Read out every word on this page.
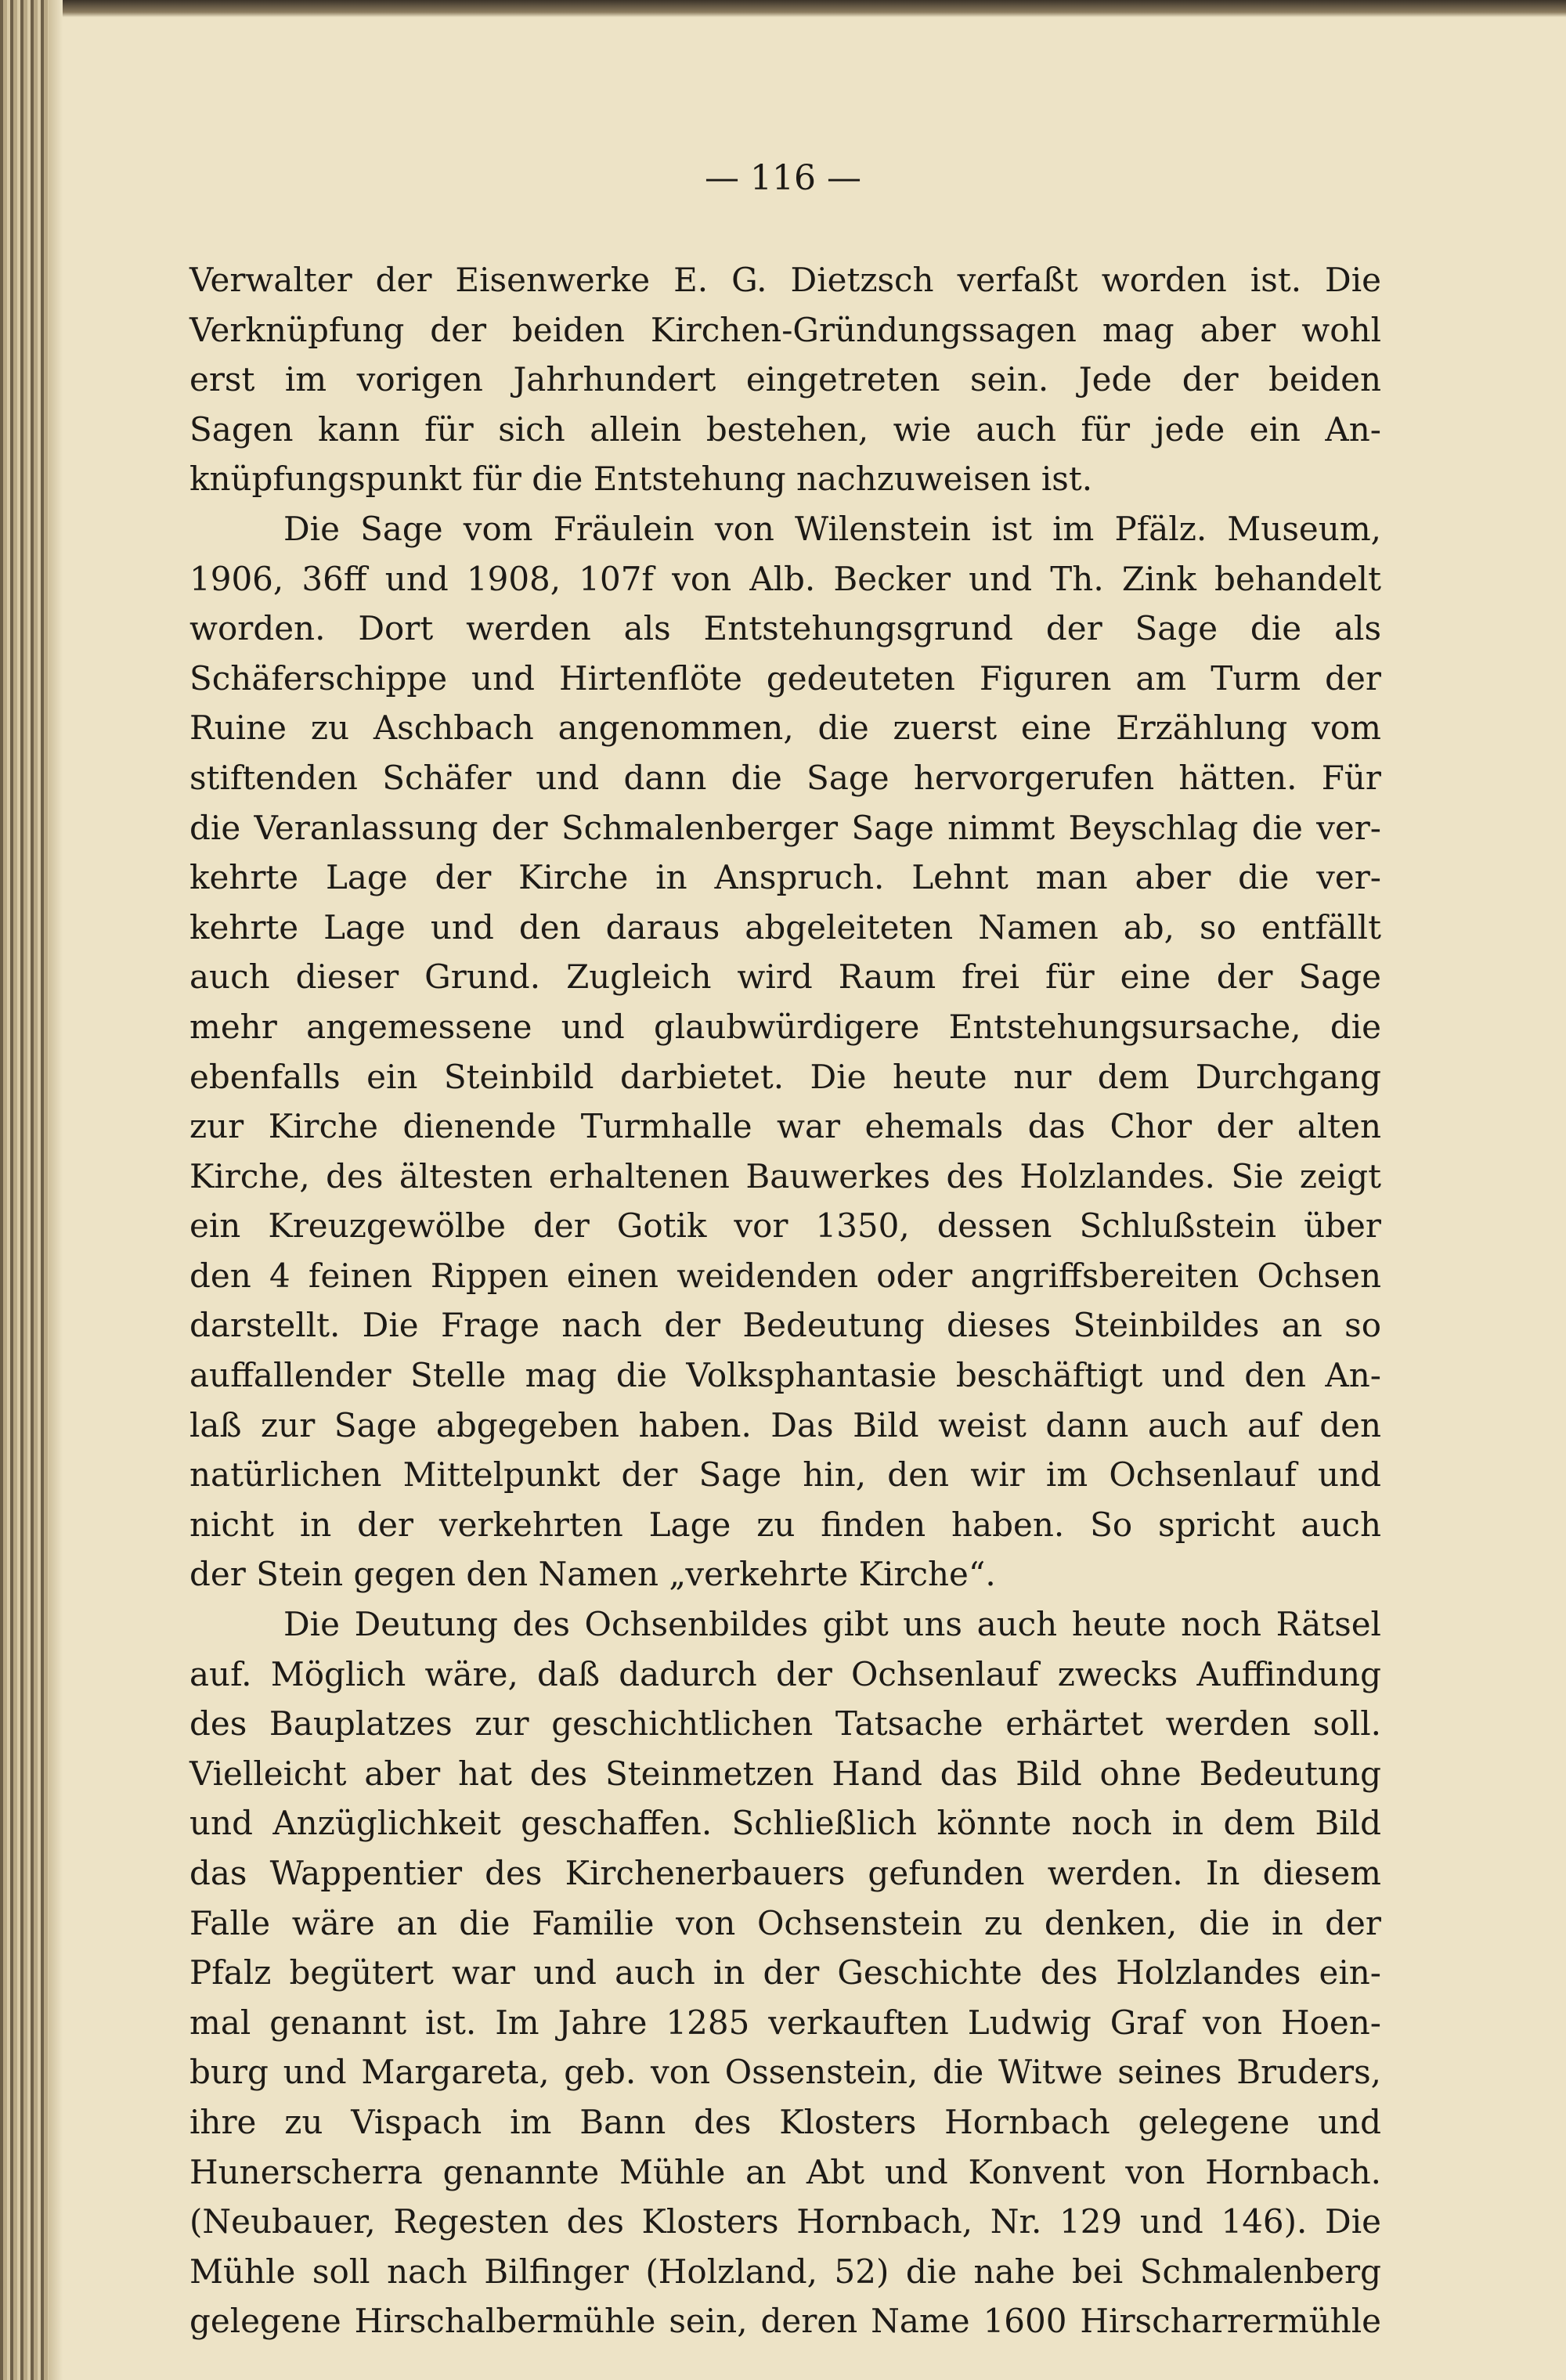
— 116 —
Verwalter der Eisenwerke E. G. Dietzsch verfaßt worden ist. Die
Verknüpfung der beiden Kirchen-Gründungssagen mag aber wohl
erst im vorigen Jahrhundert eingetreten sein. Jede der beiden
Sagen kann für sich allein bestehen, wie auch für jede ein An-
knüpfungspunkt für die Entstehung nachzuweisen ist.
Die Sage vom Fräulein von Wilenstein ist im Pfälz. Museum,
1906, 36ff und 1908, 107f von Alb. Becker und Th. Zink behandelt
worden. Dort werden als Entstehungsgrund der Sage die als
Schäferschippe und Hirtenflöte gedeuteten Figuren am Turm der
Ruine zu Aschbach angenommen, die zuerst eine Erzählung vom
stiftenden Schäfer und dann die Sage hervorgerufen hätten. Für
die Veranlassung der Schmalenberger Sage nimmt Beyschlag die ver-
kehrte Lage der Kirche in Anspruch. Lehnt man aber die ver-
kehrte Lage und den daraus abgeleiteten Namen ab, so entfällt
auch dieser Grund. Zugleich wird Raum frei für eine der Sage
mehr angemessene und glaubwürdigere Entstehungsursache, die
ebenfalls ein Steinbild darbietet. Die heute nur dem Durchgang
zur Kirche dienende Turmhalle war ehemals das Chor der alten
Kirche, des ältesten erhaltenen Bauwerkes des Holzlandes. Sie zeigt
ein Kreuzgewölbe der Gotik vor 1350, dessen Schlußstein über
den 4 feinen Rippen einen weidenden oder angriffsbereiten Ochsen
darstellt. Die Frage nach der Bedeutung dieses Steinbildes an so
auffallender Stelle mag die Volksphantasie beschäftigt und den An-
laß zur Sage abgegeben haben. Das Bild weist dann auch auf den
natürlichen Mittelpunkt der Sage hin, den wir im Ochsenlauf und
nicht in der verkehrten Lage zu finden haben. So spricht auch
der Stein gegen den Namen „verkehrte Kirche“.
Die Deutung des Ochsenbildes gibt uns auch heute noch Rätsel
auf. Möglich wäre, daß dadurch der Ochsenlauf zwecks Auffindung
des Bauplatzes zur geschichtlichen Tatsache erhärtet werden soll.
Vielleicht aber hat des Steinmetzen Hand das Bild ohne Bedeutung
und Anzüglichkeit geschaffen. Schließlich könnte noch in dem Bild
das Wappentier des Kirchenerbauers gefunden werden. In diesem
Falle wäre an die Familie von Ochsenstein zu denken, die in der
Pfalz begütert war und auch in der Geschichte des Holzlandes ein-
mal genannt ist. Im Jahre 1285 verkauften Ludwig Graf von Hoen-
burg und Margareta, geb. von Ossenstein, die Witwe seines Bruders,
ihre zu Vispach im Bann des Klosters Hornbach gelegene und
Hunerscherra genannte Mühle an Abt und Konvent von Hornbach.
(Neubauer, Regesten des Klosters Hornbach, Nr. 129 und 146). Die
Mühle soll nach Bilfinger (Holzland, 52) die nahe bei Schmalenberg
gelegene Hirschalbermühle sein, deren Name 1600 Hirscharrermühle
